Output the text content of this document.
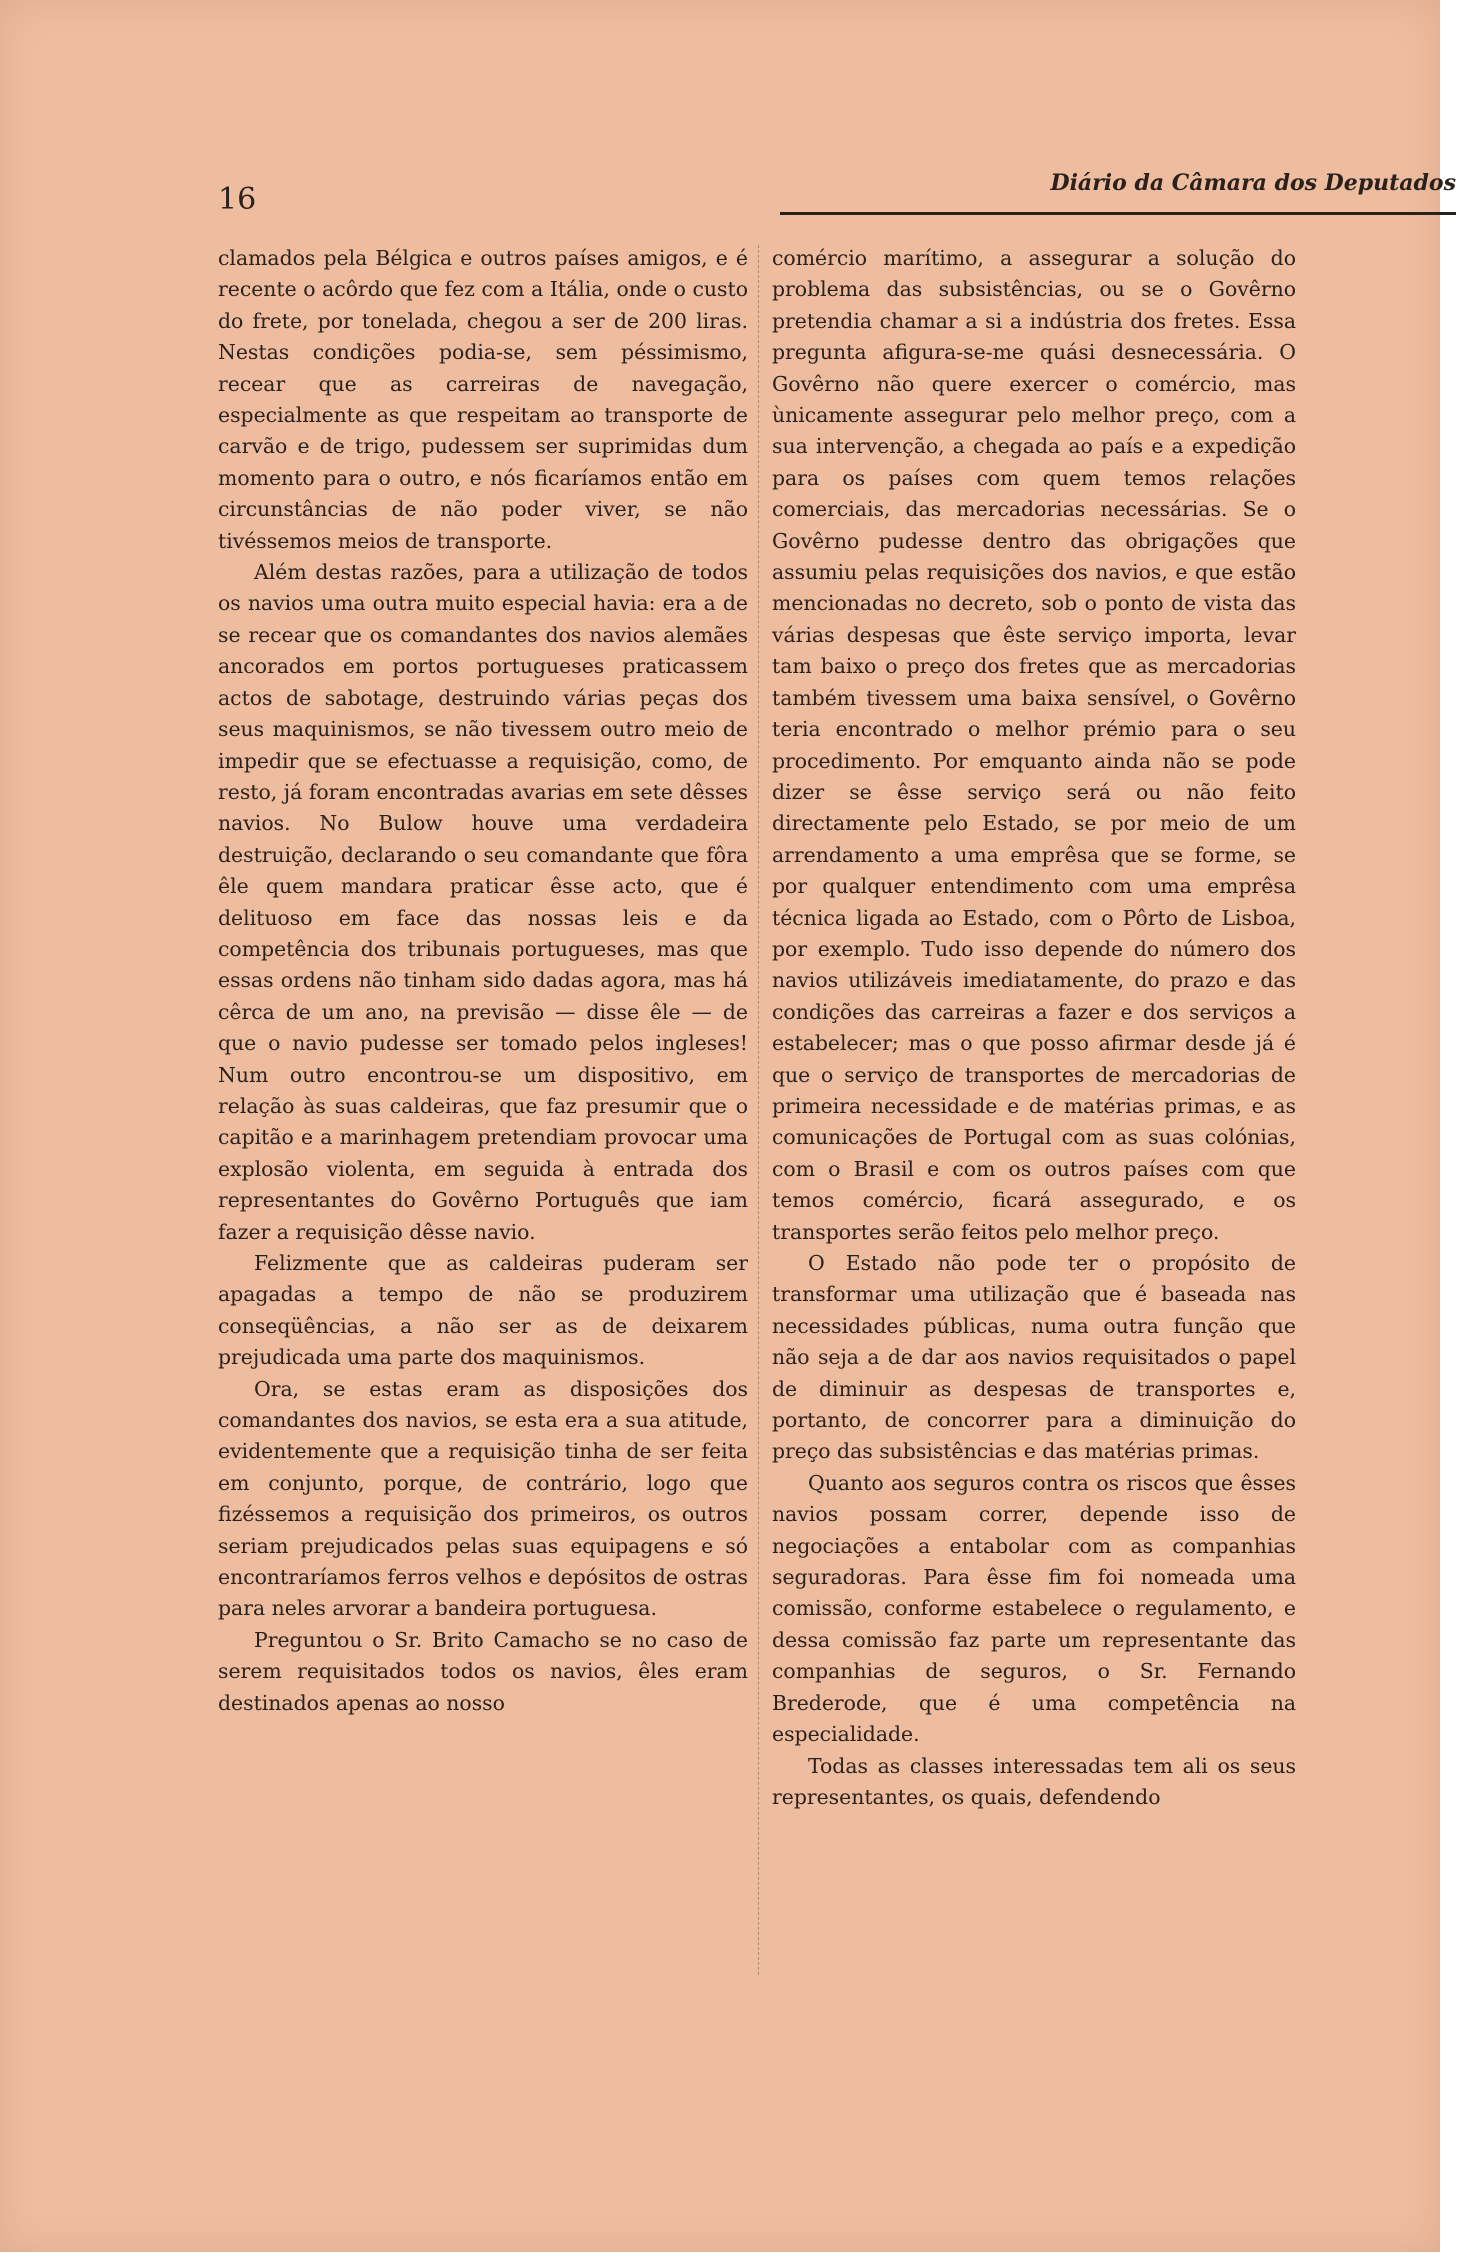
16	Diário da Câmara dos Deputados

clamados pela Bélgica e outros países amigos, e é recente o acôrdo que fez com a Itália, onde o custo do frete, por tonelada, chegou a ser de 200 liras. Nestas condições podia-se, sem péssimismo, recear que as carreiras de navegação, especialmente as que respeitam ao transporte de carvão e de trigo, pudessem ser suprimidas dum momento para o outro, e nós ficaríamos então em circunstâncias de não poder viver, se não tivéssemos meios de transporte.

Além destas razões, para a utilização de todos os navios uma outra muito especial havia: era a de se recear que os comandantes dos navios alemães ancorados em portos portugueses praticassem actos de sabotage, destruindo várias peças dos seus maquinismos, se não tivessem outro meio de impedir que se efectuasse a requisição, como, de resto, já foram encontradas avarias em sete dêsses navios. No Bulow houve uma verdadeira destruição, declarando o seu comandante que fôra êle quem mandara praticar êsse acto, que é delituoso em face das nossas leis e da competência dos tribunais portugueses, mas que essas ordens não tinham sido dadas agora, mas há cêrca de um ano, na previsão — disse êle — de que o navio pudesse ser tomado pelos ingleses! Num outro encontrou-se um dispositivo, em relação às suas caldeiras, que faz presumir que o capitão e a marinhagem pretendiam provocar uma explosão violenta, em seguida à entrada dos representantes do Govêrno Português que iam fazer a requisição dêsse navio.

Felizmente que as caldeiras puderam ser apagadas a tempo de não se produzirem conseqüências, a não ser as de deixarem prejudicada uma parte dos maquinismos.

Ora, se estas eram as disposições dos comandantes dos navios, se esta era a sua atitude, evidentemente que a requisição tinha de ser feita em conjunto, porque, de contrário, logo que fizéssemos a requisição dos primeiros, os outros seriam prejudicados pelas suas equipagens e só encontraríamos ferros velhos e depósitos de ostras para neles arvorar a bandeira portuguesa.

Preguntou o Sr. Brito Camacho se no caso de serem requisitados todos os navios, êles eram destinados apenas ao nosso

comércio marítimo, a assegurar a solução do problema das subsistências, ou se o Govêrno pretendia chamar a si a indústria dos fretes. Essa pregunta afigura-se-me quási desnecessária. O Govêrno não quere exercer o comércio, mas ùnicamente assegurar pelo melhor preço, com a sua intervenção, a chegada ao país e a expedição para os países com quem temos relações comerciais, das mercadorias necessárias. Se o Govêrno pudesse dentro das obrigações que assumiu pelas requisições dos navios, e que estão mencionadas no decreto, sob o ponto de vista das várias despesas que êste serviço importa, levar tam baixo o preço dos fretes que as mercadorias também tivessem uma baixa sensível, o Govêrno teria encontrado o melhor prémio para o seu procedimento. Por emquanto ainda não se pode dizer se êsse serviço será ou não feito directamente pelo Estado, se por meio de um arrendamento a uma emprêsa que se forme, se por qualquer entendimento com uma emprêsa técnica ligada ao Estado, com o Pôrto de Lisboa, por exemplo. Tudo isso depende do número dos navios utilizáveis imediatamente, do prazo e das condições das carreiras a fazer e dos serviços a estabelecer; mas o que posso afirmar desde já é que o serviço de transportes de mercadorias de primeira necessidade e de matérias primas, e as comunicações de Portugal com as suas colónias, com o Brasil e com os outros países com que temos comércio, ficará assegurado, e os transportes serão feitos pelo melhor preço.

O Estado não pode ter o propósito de transformar uma utilização que é baseada nas necessidades públicas, numa outra função que não seja a de dar aos navios requisitados o papel de diminuir as despesas de transportes e, portanto, de concorrer para a diminuição do preço das subsistências e das matérias primas.

Quanto aos seguros contra os riscos que êsses navios possam correr, depende isso de negociações a entabolar com as companhias seguradoras. Para êsse fim foi nomeada uma comissão, conforme estabelece o regulamento, e dessa comissão faz parte um representante das companhias de seguros, o Sr. Fernando Brederode, que é uma competência na especialidade.

Todas as classes interessadas tem ali os seus representantes, os quais, defendendo
